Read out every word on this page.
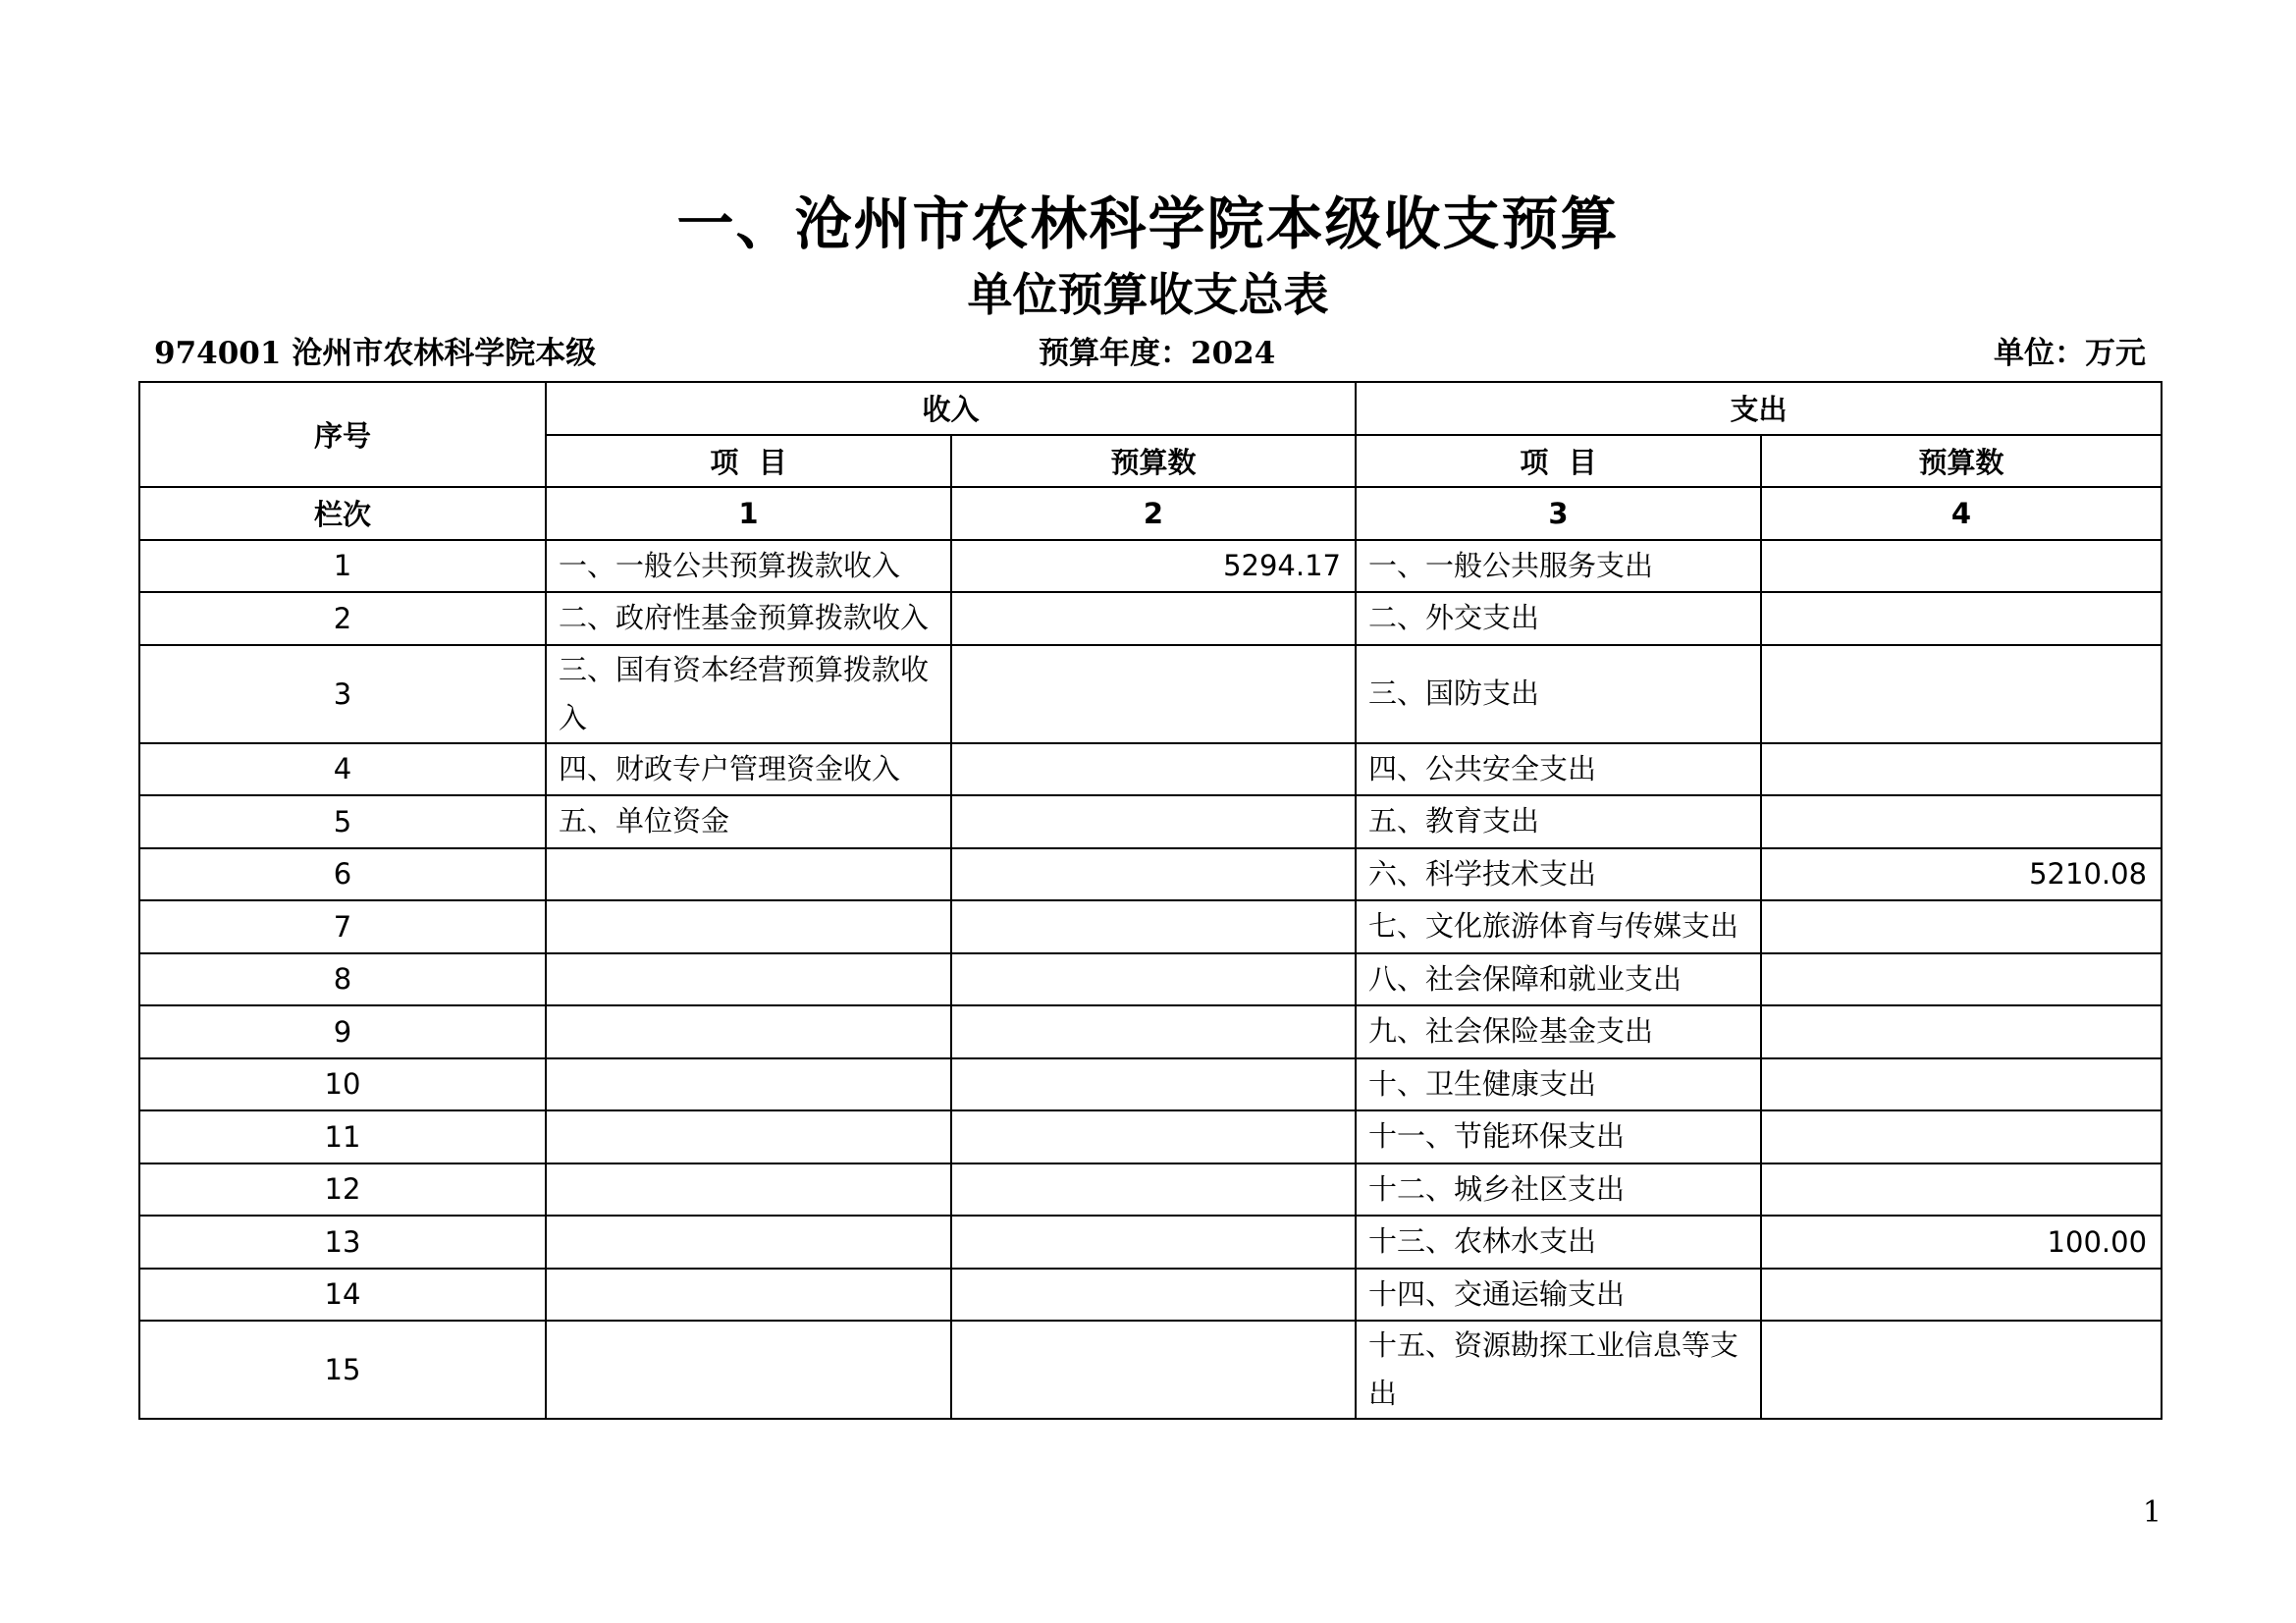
一、沧州市农林科学院本级收支预算
单位预算收支总表
974001 沧州市农林科学院本级	预算年度：2024	单位：万元
序号	收入		支出	
	项  目	预算数	项  目	预算数
栏次	1	2	3	4
1	一、一般公共预算拨款收入	5294.17	一、一般公共服务支出	
2	二、政府性基金预算拨款收入		二、外交支出	
3	三、国有资本经营预算拨款收入		三、国防支出	
4	四、财政专户管理资金收入		四、公共安全支出	
5	五、单位资金		五、教育支出	
6			六、科学技术支出	5210.08
7			七、文化旅游体育与传媒支出	
8			八、社会保障和就业支出	
9			九、社会保险基金支出	
10			十、卫生健康支出	
11			十一、节能环保支出	
12			十二、城乡社区支出	
13			十三、农林水支出	100.00
14			十四、交通运输支出	
15			十五、资源勘探工业信息等支出	
1
